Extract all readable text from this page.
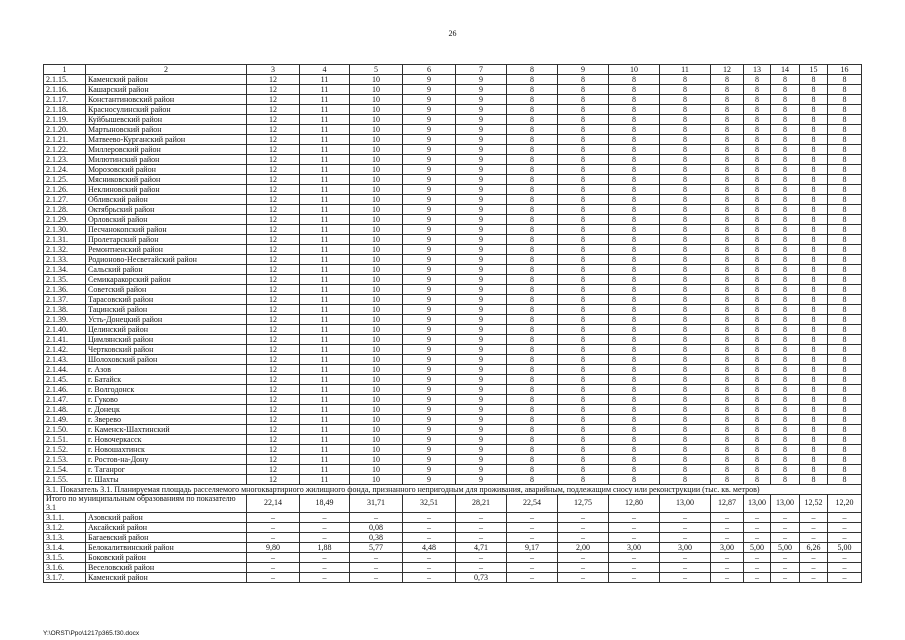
26
1	2	3	4	5	6	7	8	9	10	11	12	13	14	15	16
2.1.15.	Каменский район	12	11	10	9	9	8	8	8	8	8	8	8	8	8
2.1.16.	Кашарский район	12	11	10	9	9	8	8	8	8	8	8	8	8	8
2.1.17.	Константиновский район	12	11	10	9	9	8	8	8	8	8	8	8	8	8
2.1.18.	Красносулинский район	12	11	10	9	9	8	8	8	8	8	8	8	8	8
2.1.19.	Куйбышевский район	12	11	10	9	9	8	8	8	8	8	8	8	8	8
2.1.20.	Мартыновский район	12	11	10	9	9	8	8	8	8	8	8	8	8	8
2.1.21.	Матвеево-Курганский район	12	11	10	9	9	8	8	8	8	8	8	8	8	8
2.1.22.	Миллеровский район	12	11	10	9	9	8	8	8	8	8	8	8	8	8
2.1.23.	Милютинский район	12	11	10	9	9	8	8	8	8	8	8	8	8	8
2.1.24.	Морозовский район	12	11	10	9	9	8	8	8	8	8	8	8	8	8
2.1.25.	Мясниковский район	12	11	10	9	9	8	8	8	8	8	8	8	8	8
2.1.26.	Неклиновский район	12	11	10	9	9	8	8	8	8	8	8	8	8	8
2.1.27.	Обливский район	12	11	10	9	9	8	8	8	8	8	8	8	8	8
2.1.28.	Октябрьский район	12	11	10	9	9	8	8	8	8	8	8	8	8	8
2.1.29.	Орловский район	12	11	10	9	9	8	8	8	8	8	8	8	8	8
2.1.30.	Песчанокопский район	12	11	10	9	9	8	8	8	8	8	8	8	8	8
2.1.31.	Пролетарский район	12	11	10	9	9	8	8	8	8	8	8	8	8	8
2.1.32.	Ремонтненский район	12	11	10	9	9	8	8	8	8	8	8	8	8	8
2.1.33.	Родионово-Несветайский район	12	11	10	9	9	8	8	8	8	8	8	8	8	8
2.1.34.	Сальский район	12	11	10	9	9	8	8	8	8	8	8	8	8	8
2.1.35.	Семикаракорский район	12	11	10	9	9	8	8	8	8	8	8	8	8	8
2.1.36.	Советский район	12	11	10	9	9	8	8	8	8	8	8	8	8	8
2.1.37.	Тарасовский район	12	11	10	9	9	8	8	8	8	8	8	8	8	8
2.1.38.	Тацинский район	12	11	10	9	9	8	8	8	8	8	8	8	8	8
2.1.39.	Усть-Донецкий район	12	11	10	9	9	8	8	8	8	8	8	8	8	8
2.1.40.	Целинский район	12	11	10	9	9	8	8	8	8	8	8	8	8	8
2.1.41.	Цимлянский район	12	11	10	9	9	8	8	8	8	8	8	8	8	8
2.1.42.	Чертковский район	12	11	10	9	9	8	8	8	8	8	8	8	8	8
2.1.43.	Шолоховский район	12	11	10	9	9	8	8	8	8	8	8	8	8	8
2.1.44.	г. Азов	12	11	10	9	9	8	8	8	8	8	8	8	8	8
2.1.45.	г. Батайск	12	11	10	9	9	8	8	8	8	8	8	8	8	8
2.1.46.	г. Волгодонск	12	11	10	9	9	8	8	8	8	8	8	8	8	8
2.1.47.	г. Гуково	12	11	10	9	9	8	8	8	8	8	8	8	8	8
2.1.48.	г. Донецк	12	11	10	9	9	8	8	8	8	8	8	8	8	8
2.1.49.	г. Зверево	12	11	10	9	9	8	8	8	8	8	8	8	8	8
2.1.50.	г. Каменск-Шахтинский	12	11	10	9	9	8	8	8	8	8	8	8	8	8
2.1.51.	г. Новочеркасск	12	11	10	9	9	8	8	8	8	8	8	8	8	8
2.1.52.	г. Новошахтинск	12	11	10	9	9	8	8	8	8	8	8	8	8	8
2.1.53.	г. Ростов-на-Дону	12	11	10	9	9	8	8	8	8	8	8	8	8	8
2.1.54.	г. Таганрог	12	11	10	9	9	8	8	8	8	8	8	8	8	8
2.1.55.	г. Шахты	12	11	10	9	9	8	8	8	8	8	8	8	8	8
3.1. Показатель 3.1. Планируемая площадь расселяемого многоквартирного жилищного фонда, признанного непригодным для проживания, аварийным, подлежащим сносу или реконструкции (тыс. кв. метров)															
Итого по муниципальным образованиям по показателю 3.1		22,14	18,49	31,71	32,51	28,21	22,54	12,75	12,80	13,00	12,87	13,00	13,00	12,52	12,20
3.1.1.	Азовский район	–	–	–	–	–	–	–	–	–	–	–	–	–	–
3.1.2.	Аксайский район	–	–	0,08	–	–	–	–	–	–	–	–	–	–	–
3.1.3.	Багаевский район	–	–	0,38	–	–	–	–	–	–	–	–	–	–	–
3.1.4.	Белокалитвинский район	9,80	1,88	5,77	4,48	4,71	9,17	2,00	3,00	3,00	3,00	5,00	5,00	6,26	5,00
3.1.5.	Боковский район	–	–	–	–	–	–	–	–	–	–	–	–	–	–
3.1.6.	Веселовский район	–	–	–	–	–	–	–	–	–	–	–	–	–	–
3.1.7.	Каменский район	–	–	–	–	0,73	–	–	–	–	–	–	–	–	–
Y:\ORST\Ppo\1217p365.f30.docx
